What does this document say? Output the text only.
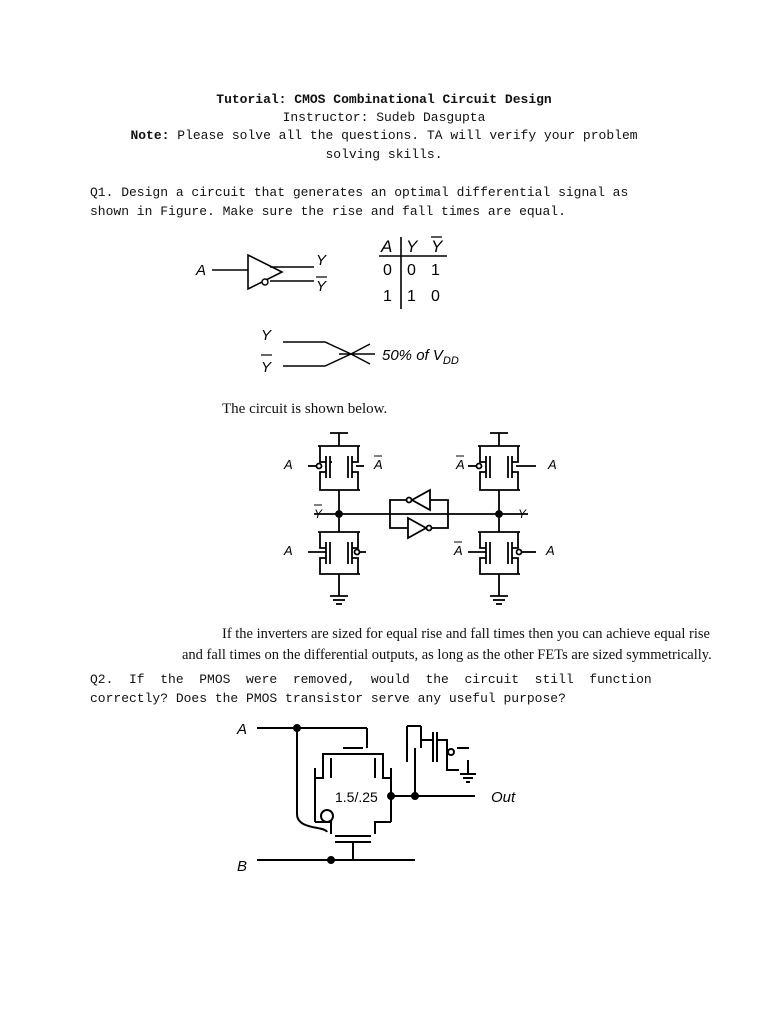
Tutorial: CMOS Combinational Circuit Design
Instructor: Sudeb Dasgupta
Note: Please solve all the questions. TA will verify your problem
solving skills.
Q1. Design a circuit that generates an optimal differential signal as
shown in Figure. Make sure the rise and fall times are equal.
A
Y
Y
A Y Y
0 0 1
1 1 0
Y
Y
50% of $V_{DD}$
The circuit is shown below.
A	A	A	A
Y	Y
A	A	A
If the inverters are sized for equal rise and fall times then you can achieve equal rise
and fall times on the differential outputs, as long as the other FETs are sized symmetrically.
Q2.  If  the  PMOS  were  removed,  would  the  circuit  still  function
correctly? Does the PMOS transistor serve any useful purpose?
A
B
1.5/.25	Out
